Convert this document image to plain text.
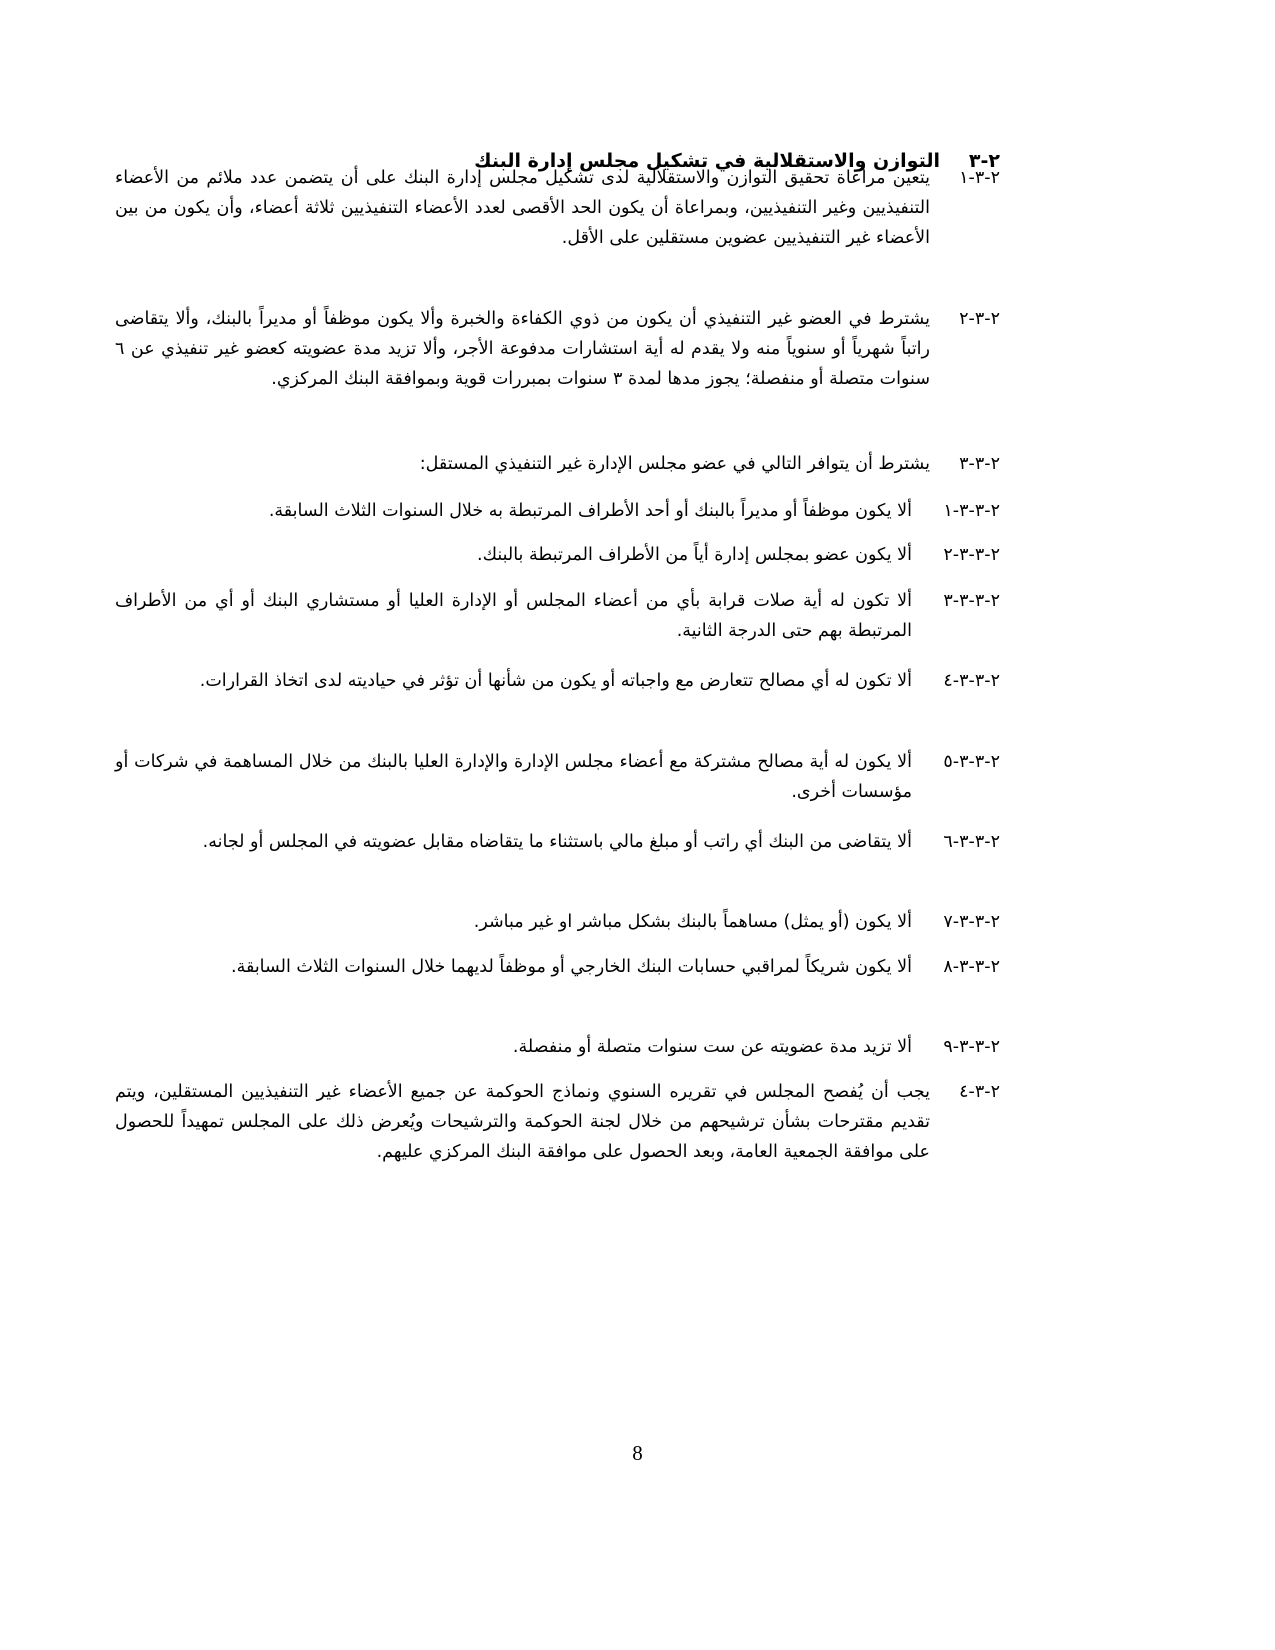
٢-٣
التوازن والاستقلالية في تشكيل مجلس إدارة البنك
٢-٣-١
يتعين مراعاة تحقيق التوازن والاستقلالية لدى تشكيل مجلس إدارة البنك على أن يتضمن عدد ملائم من الأعضاء التنفيذيين وغير التنفيذيين، وبمراعاة أن يكون الحد الأقصى لعدد الأعضاء التنفيذيين ثلاثة أعضاء، وأن يكون من بين الأعضاء غير التنفيذيين عضوين مستقلين على الأقل.
٢-٣-٢
يشترط في العضو غير التنفيذي أن يكون من ذوي الكفاءة والخبرة وألا يكون موظفاً أو مديراً بالبنك، وألا يتقاضى راتباً شهرياً أو سنوياً منه ولا يقدم له أية استشارات مدفوعة الأجر، وألا تزيد مدة عضويته كعضو غير تنفيذي عن ٦ سنوات متصلة أو منفصلة؛ يجوز مدها لمدة ٣ سنوات بمبررات قوية وبموافقة البنك المركزي.
٢-٣-٣
يشترط أن يتوافر التالي في عضو مجلس الإدارة غير التنفيذي المستقل:
٢-٣-٣-١
ألا يكون موظفاً أو مديراً بالبنك أو أحد الأطراف المرتبطة به خلال السنوات الثلاث السابقة.
٢-٣-٣-٢
ألا يكون عضو بمجلس إدارة أياً من الأطراف المرتبطة بالبنك.
٢-٣-٣-٣
ألا تكون له أية صلات قرابة بأي من أعضاء المجلس أو الإدارة العليا أو مستشاري البنك أو أي من الأطراف المرتبطة بهم حتى الدرجة الثانية.
٢-٣-٣-٤
ألا تكون له أي مصالح تتعارض مع واجباته أو يكون من شأنها أن تؤثر في حياديته لدى اتخاذ القرارات.
٢-٣-٣-٥
ألا يكون له أية مصالح مشتركة مع أعضاء مجلس الإدارة والإدارة العليا بالبنك من خلال المساهمة في شركات أو مؤسسات أخرى.
٢-٣-٣-٦
ألا يتقاضى من البنك أي راتب أو مبلغ مالي باستثناء ما يتقاضاه مقابل عضويته في المجلس أو لجانه.
٢-٣-٣-٧
ألا يكون (أو يمثل) مساهماً بالبنك بشكل مباشر او غير مباشر.
٢-٣-٣-٨
ألا يكون شريكاً لمراقبي حسابات البنك الخارجي أو موظفاً لديهما خلال السنوات الثلاث السابقة.
٢-٣-٣-٩
ألا تزيد مدة عضويته عن ست سنوات متصلة أو منفصلة.
٢-٣-٤
يجب أن يُفصح المجلس في تقريره السنوي ونماذج الحوكمة عن جميع الأعضاء غير التنفيذيين المستقلين، ويتم تقديم مقترحات بشأن ترشيحهم من خلال لجنة الحوكمة والترشيحات ويُعرض ذلك على المجلس تمهيداً للحصول على موافقة الجمعية العامة، وبعد الحصول على موافقة البنك المركزي عليهم.
8
